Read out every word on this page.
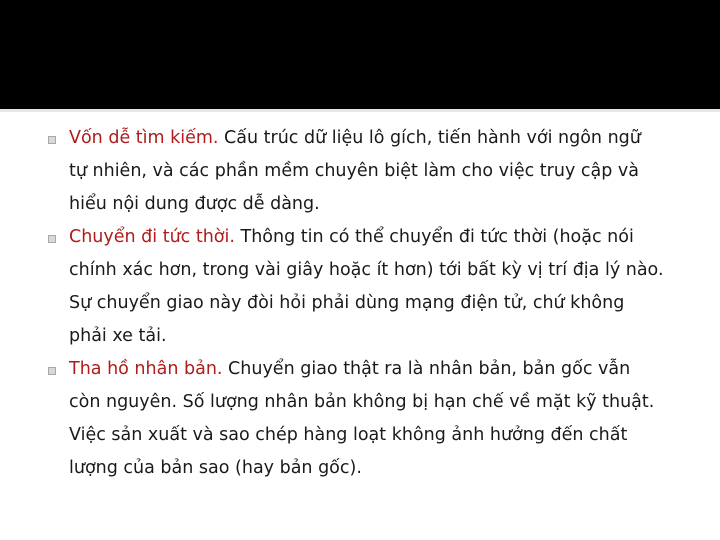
Vốn dễ tìm kiếm. Cấu trúc dữ liệu lô gích, tiến hành với ngôn ngữ
tự nhiên, và các phần mềm chuyên biệt làm cho việc truy cập và
hiểu nội dung được dễ dàng.
Chuyển đi tức thời. Thông tin có thể chuyển đi tức thời (hoặc nói
chính xác hơn, trong vài giây hoặc ít hơn) tới bất kỳ vị trí địa lý nào.
Sự chuyển giao này đòi hỏi phải dùng mạng điện tử, chứ không
phải xe tải.
Tha hồ nhân bản. Chuyển giao thật ra là nhân bản, bản gốc vẫn
còn nguyên. Số lượng nhân bản không bị hạn chế về mặt kỹ thuật.
Việc sản xuất và sao chép hàng loạt không ảnh hưởng đến chất
lượng của bản sao (hay bản gốc).
